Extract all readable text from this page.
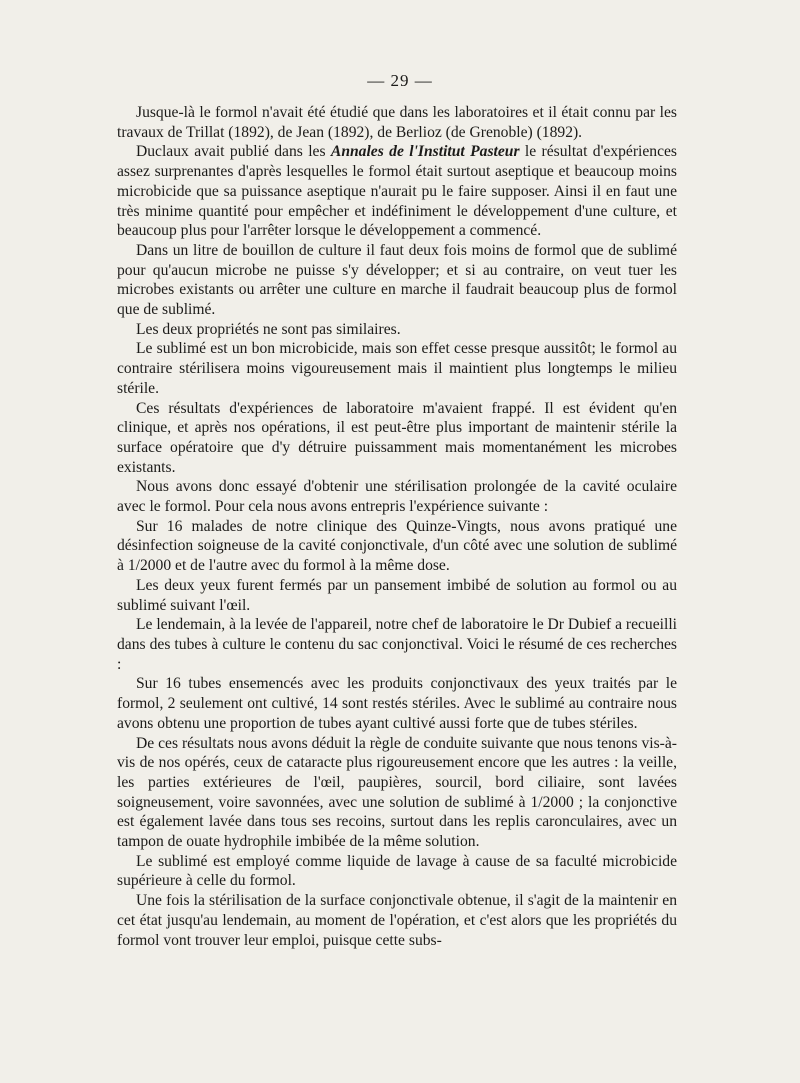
— 29 —

Jusque-là le formol n'avait été étudié que dans les laboratoires et il était connu par les travaux de Trillat (1892), de Jean (1892), de Berlioz (de Grenoble) (1892).

Duclaux avait publié dans les Annales de l'Institut Pasteur le résultat d'expériences assez surprenantes d'après lesquelles le formol était surtout aseptique et beaucoup moins microbicide que sa puissance aseptique n'aurait pu le faire supposer. Ainsi il en faut une très minime quantité pour empêcher et indéfiniment le développement d'une culture, et beaucoup plus pour l'arrêter lorsque le développement a commencé.

Dans un litre de bouillon de culture il faut deux fois moins de formol que de sublimé pour qu'aucun microbe ne puisse s'y développer; et si au contraire, on veut tuer les microbes existants ou arrêter une culture en marche il faudrait beaucoup plus de formol que de sublimé.

Les deux propriétés ne sont pas similaires.

Le sublimé est un bon microbicide, mais son effet cesse presque aussitôt; le formol au contraire stérilisera moins vigoureusement mais il maintient plus longtemps le milieu stérile.

Ces résultats d'expériences de laboratoire m'avaient frappé. Il est évident qu'en clinique, et après nos opérations, il est peut-être plus important de maintenir stérile la surface opératoire que d'y détruire puissamment mais momentanément les microbes existants.

Nous avons donc essayé d'obtenir une stérilisation prolongée de la cavité oculaire avec le formol. Pour cela nous avons entrepris l'expérience suivante :

Sur 16 malades de notre clinique des Quinze-Vingts, nous avons pratiqué une désinfection soigneuse de la cavité conjonctivale, d'un côté avec une solution de sublimé à 1/2000 et de l'autre avec du formol à la même dose.

Les deux yeux furent fermés par un pansement imbibé de solution au formol ou au sublimé suivant l'œil.

Le lendemain, à la levée de l'appareil, notre chef de laboratoire le Dr Dubief a recueilli dans des tubes à culture le contenu du sac conjonctival. Voici le résumé de ces recherches :

Sur 16 tubes ensemencés avec les produits conjonctivaux des yeux traités par le formol, 2 seulement ont cultivé, 14 sont restés stériles. Avec le sublimé au contraire nous avons obtenu une proportion de tubes ayant cultivé aussi forte que de tubes stériles.

De ces résultats nous avons déduit la règle de conduite suivante que nous tenons vis-à-vis de nos opérés, ceux de cataracte plus rigoureusement encore que les autres : la veille, les parties extérieures de l'œil, paupières, sourcil, bord ciliaire, sont lavées soigneusement, voire savonnées, avec une solution de sublimé à 1/2000 ; la conjonctive est également lavée dans tous ses recoins, surtout dans les replis caronculaires, avec un tampon de ouate hydrophile imbibée de la même solution.

Le sublimé est employé comme liquide de lavage à cause de sa faculté microbicide supérieure à celle du formol.

Une fois la stérilisation de la surface conjonctivale obtenue, il s'agit de la maintenir en cet état jusqu'au lendemain, au moment de l'opération, et c'est alors que les propriétés du formol vont trouver leur emploi, puisque cette subs-
